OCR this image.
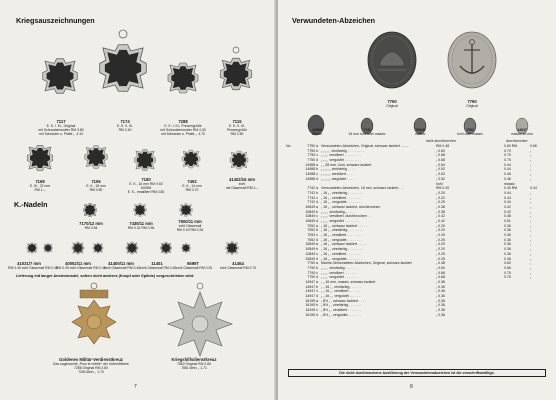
Kriegsauszeichnungen
7117
E. K. I. Kl., Original
mit Schraubenmutter RM 3.80
mit Schraube u. Platte ,, 4.10
7174
E. K. II. Kl.
RM 2.40
7288
E. K. I. Kl., Prinzengröße
mit Schraubenmutter RM 4.30
mit Schraube u. Platte ,, 4.70
7115
E. K. II. Kl.
Prinzengröße
RM 2.80
7168
E. Kl., 22 mm
RM 1.–
7156
E. K., 18 mm
RM 0.80
7180
E. K., 16 mm RM 0.60
6029M
E. K., emailliert RM 0.80
7452
E. K., 14 mm
RM 0.70
41402/16 mm
echt
mit Glasemail RM 1.–
K.-Nadeln
7170/12 mm
RM 0.54
7435/11 mm
RM 0.32 RM 0.36
7500/11 mm
echt Glasemail
RM 0.19 RM 0.26
41031/7 mm
RM 0.45 echt Glasemail RM 0.45
40052/11 mm
RM 0.45 echt Glasemail RM 0.45
41400/11 mm
echt Glasemail RM 0.45
11401
echt Glasemail RM 0.45
6599T
echt Glasemail RM 0.25
41464
echt Glasemail RM 0.70
Lieferung mit langer Anstecknadel, sofern nicht anderes (Knopf oder Splinte) vorgeschrieben wird.
Goldenes Militär-Verdienstkreuz
Das sogenannte „Pour le mérite“ der Unteroffiziere
7286 Original RM 2.80
7284 klein ,, 1.70
Kriegshilfsdienstkreuz
7862 Original RM 2.80
7861 klein ,, 1.71
7
Verwundeten-Abzeichen
7750
Original
7790
Original
14988
28 mm
7742
16 mm hohl oder massiv
10849
massiv
7052
hohl oder massiv
14947
massiv 16 mm
nicht durchbrochen	durchbrochen
No.	7750 a Verwundeten-Abzeichen, Original, schwarz lackiert ........	RM 0.48	0.60 RM	0.66
7750 b „ „ „ „ , zinnfarbig . . . . . . . . .	„ 0.60	0.70	„
7750 c „ „ „ , versilbert . . . . . . . . .	„ 0.68	0.75	„
7750 d „ „ „ , vergoldet . . . . . . . . .	„ 0.68	0.75	„
14988 a „ „ 28 mm, hohl, schwarz lackiert	„ 0.54	0.44	„
14988 b „ „ „ „ „ zinnfarbig . . . .	„ 0.52	0.44	„
14988 c „ „ „ „ „ versilbert . . . .	„ 0.52	0.46	„
14988 d „ „ „ „ „ vergoldet . . . .	„ 0.52	0.46	„
hohl	massiv
7742 a Verwundeten-Abzeichen, 16 mm, schwarz lackiert . . .	RM 0.20	0.40 RM	0.44
7742 b „ 16 „ , zinnfarbig . . . . . . . .	„ 0.20	0.44	„
7742 c „ 16 „ , versilbert . . . . . . . .	„ 0.22	0.44	„
7742 d „ 16 „ , vergoldet . . . . . . . .	„ 0.25	0.44	„
10849 a „ 16 „ , schwarz lackiert, durchbrochen	„ 0.38	0.42	„
10849 b „ „ „ , zinnfarbig „ . . . .	„ 0.38	0.42	„
10849 c „ „ „ , versilbert, durchbrochen . .	„ 0.42	0.48	„
10849 d „ „ „ , vergoldet . . . . . . . .	„ 0.42	0.51	„
7052 a „ 16 „ , schwarz lackiert . . . . .	„ 0.20	0.36	„
7052 b „ 16 „ , zinnfarbig . . . . . . . .	„ 0.20	0.36	„
7052 c „ 16 „ , versilbert . . . . . . . .	„ 0.25	0.36	„
7052 d „ 16 „ , vergoldet . . . . . . . .	„ 0.25	0.36	„
10849 a „ 16 „ , schwarz lackiert . . . . .	„ 0.20	0.36	„
10849 b „ 16 „ , zinnfarbig . . . . . . . .	„ 0.20	0.36	„
10849 c „ 16 „ , versilbert . . . . . . . .	„ 0.25	0.36	„
10849 d „ 16 „ , vergoldet . . . . . . . .	„ 0.25	0.36	„
7790 a Marine-Verwundeten-Abzeichen, Original, schwarz lackiert	„ 0.48	0.60	„
7790 b „ „ „ , zinnfarbig . . . . . . .	„ 0.60	0.66	„
7790 c „ „ „ , versilbert . . . . . . .	„ 0.68	0.75	„
7790 d „ „ „ , vergoldet . . . . . . .	„ 0.68	0.75	„
14947 a „ „ 16 mm, massiv, schwarz lackiert	„ 0.38
14947 b „ „ 16 „ , zinnfarbig . . . . . .	„ 0.36
14947 c „ „ 16 „ , versilbert . . . . . .	„ 0.36
14947 d „ „ 16 „ , vergoldet . . . . . .	„ 0.36
16195 a „ 8½ „ , schwarz lackiert . . . .	„ 0.36
16195 b „ 8½ „ , zinnfarbig . . . . . . .	„ 0.36
16195 c „ 8½ „ , versilbert . . . . . . .	„ 0.36
16195 d „ 8½ „ , vergoldet . . . . . . .	„ 0.36
Die nicht durchbrochene Ausführung der Verwundetenabzeichen ist die vorschriftsmäßige.
8
